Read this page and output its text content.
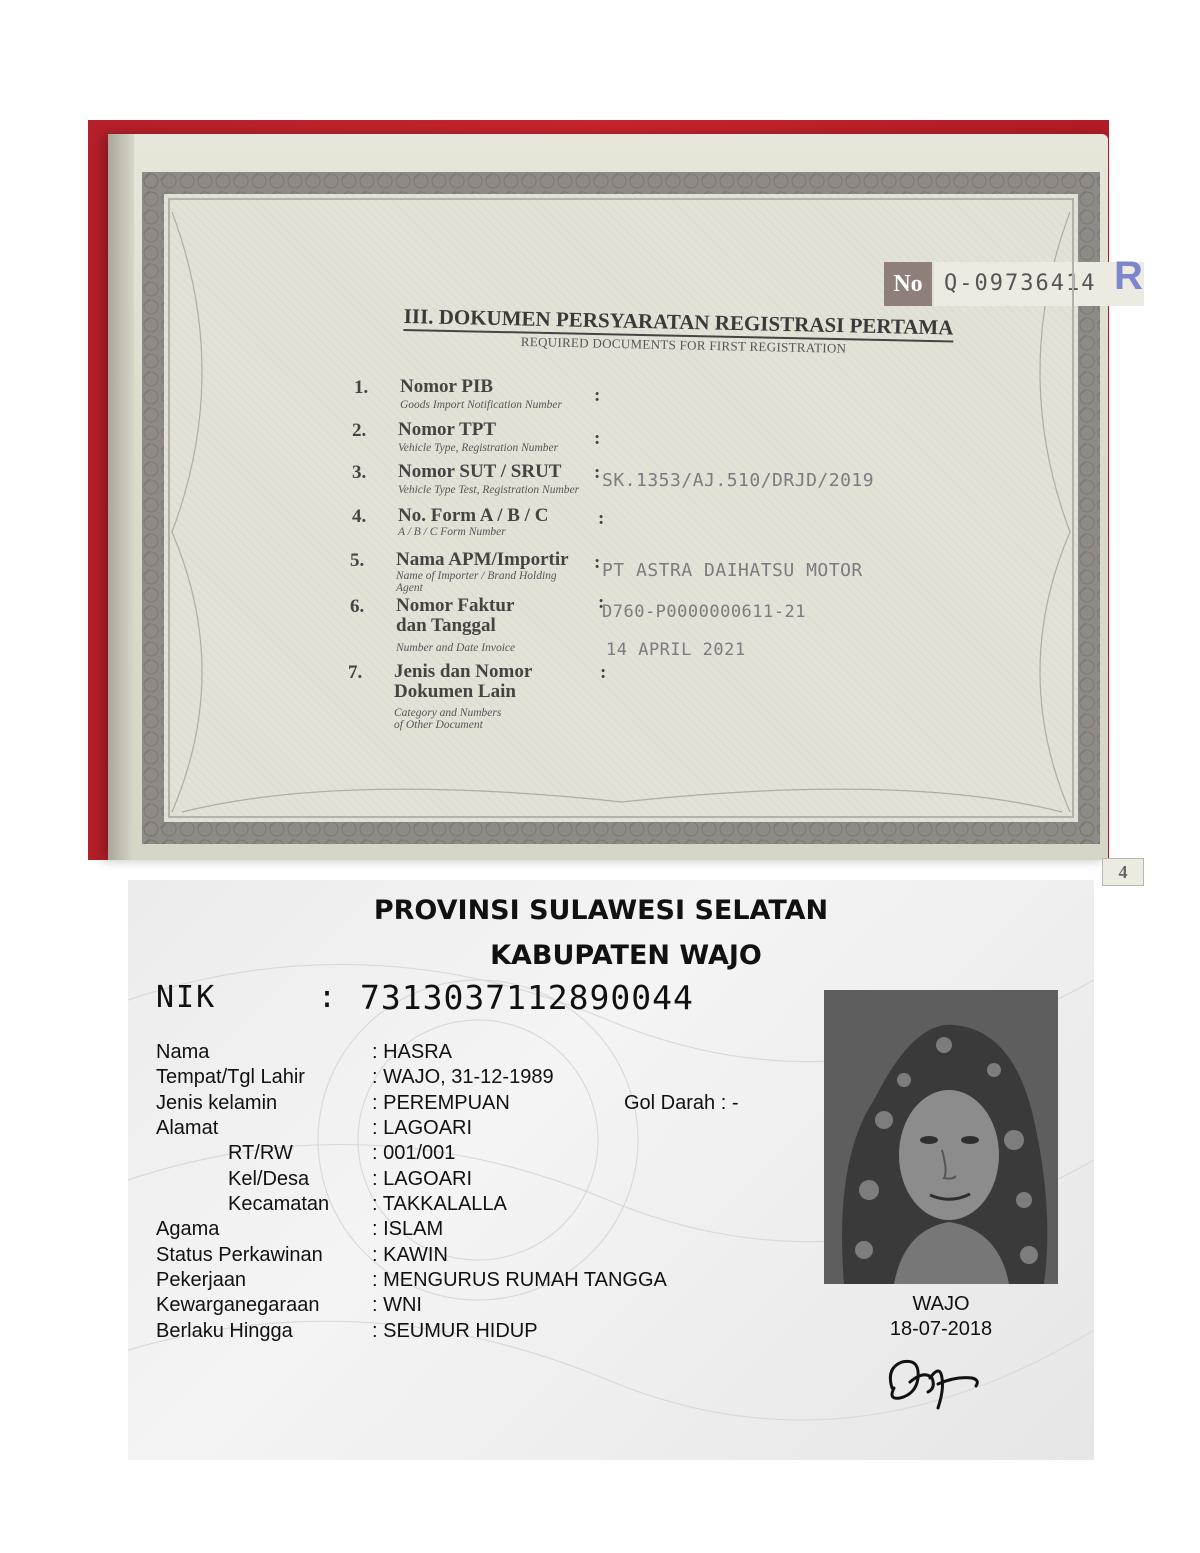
No Q-09736414 R
III. DOKUMEN PERSYARATAN REGISTRASI PERTAMA
REQUIRED DOCUMENTS FOR FIRST REGISTRATION
1. Nomor PIB
Goods Import Notification Number :
2. Nomor TPT
Vehicle Type, Registration Number :
3. Nomor SUT / SRUT
Vehicle Type Test, Registration Number
: SK.1353/AJ.510/DRJD/2019
4. No. Form A / B / C
A / B / C Form Number
:
5. Nama APM/Importir
Name of Importer / Brand Holding
Agent
: PT ASTRA DAIHATSU MOTOR
6. Nomor Faktur
dan Tanggal
Number and Date Invoice
:
D760-P0000000611-21
14 APRIL 2021
7. Jenis dan Nomor
Dokumen Lain
Category and Numbers
of Other Document
:
4
PROVINSI SULAWESI SELATAN
KABUPATEN WAJO
NIK	: 7313037112890044
Nama	: HASRA
Tempat/Tgl Lahir	: WAJO, 31-12-1989
Jenis kelamin	: PEREMPUAN	Gol Darah : -
Alamat	: LAGOARI
RT/RW	: 001/001
Kel/Desa	: LAGOARI
Kecamatan : TAKKALALLA
Agama	: ISLAM
Status Perkawinan : KAWIN
Pekerjaan	: MENGURUS RUMAH TANGGA
Kewarganegaraan	: WNI
Berlaku Hingga	: SEUMUR HIDUP
WAJO
18-07-2018
